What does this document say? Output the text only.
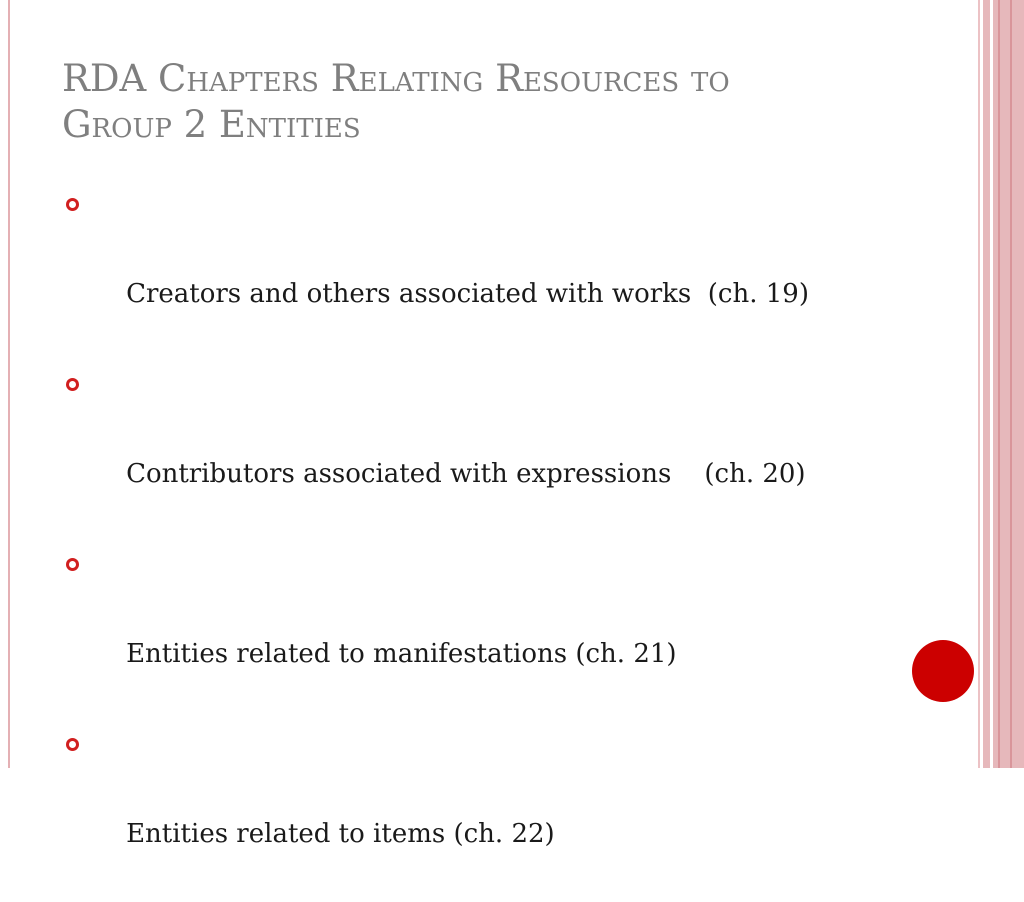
RDA Chapters Relating Resources to
Group 2 Entities

Creators and others associated with works  (ch. 19)

Contributors associated with expressions    (ch. 20)

Entities related to manifestations (ch. 21)

Entities related to items (ch. 22)
